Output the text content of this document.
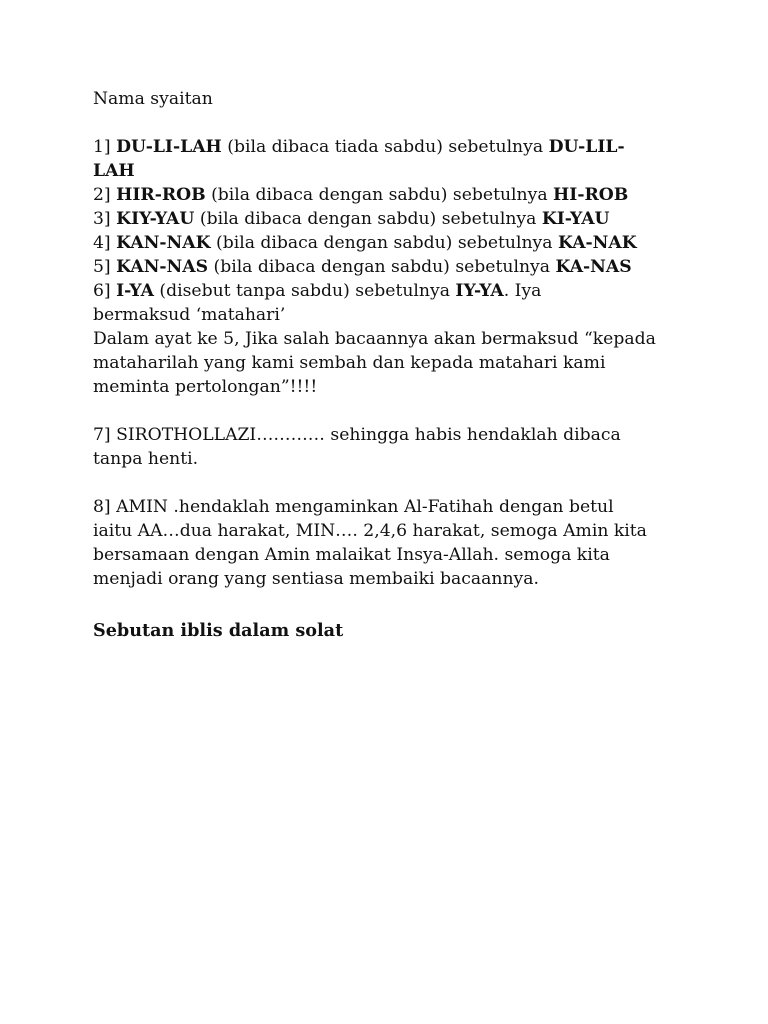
Nama syaitan
1] DU-LI-LAH (bila dibaca tiada sabdu) sebetulnya DU-LIL-
LAH
2] HIR-ROB (bila dibaca dengan sabdu) sebetulnya HI-ROB
3] KIY-YAU (bila dibaca dengan sabdu) sebetulnya KI-YAU
4] KAN-NAK (bila dibaca dengan sabdu) sebetulnya KA-NAK
5] KAN-NAS (bila dibaca dengan sabdu) sebetulnya KA-NAS
6] I-YA (disebut tanpa sabdu) sebetulnya IY-YA. Iya
bermaksud ‘matahari’
Dalam ayat ke 5, Jika salah bacaannya akan bermaksud “kepada
mataharilah yang kami sembah dan kepada matahari kami
meminta pertolongan”!!!!
7] SIROTHOLLAZI………… sehingga habis hendaklah dibaca
tanpa henti.
8] AMIN .hendaklah mengaminkan Al-Fatihah dengan betul
iaitu AA…dua harakat, MIN…. 2,4,6 harakat, semoga Amin kita
bersamaan dengan Amin malaikat Insya-Allah. semoga kita
menjadi orang yang sentiasa membaiki bacaannya.
Sebutan iblis dalam solat
